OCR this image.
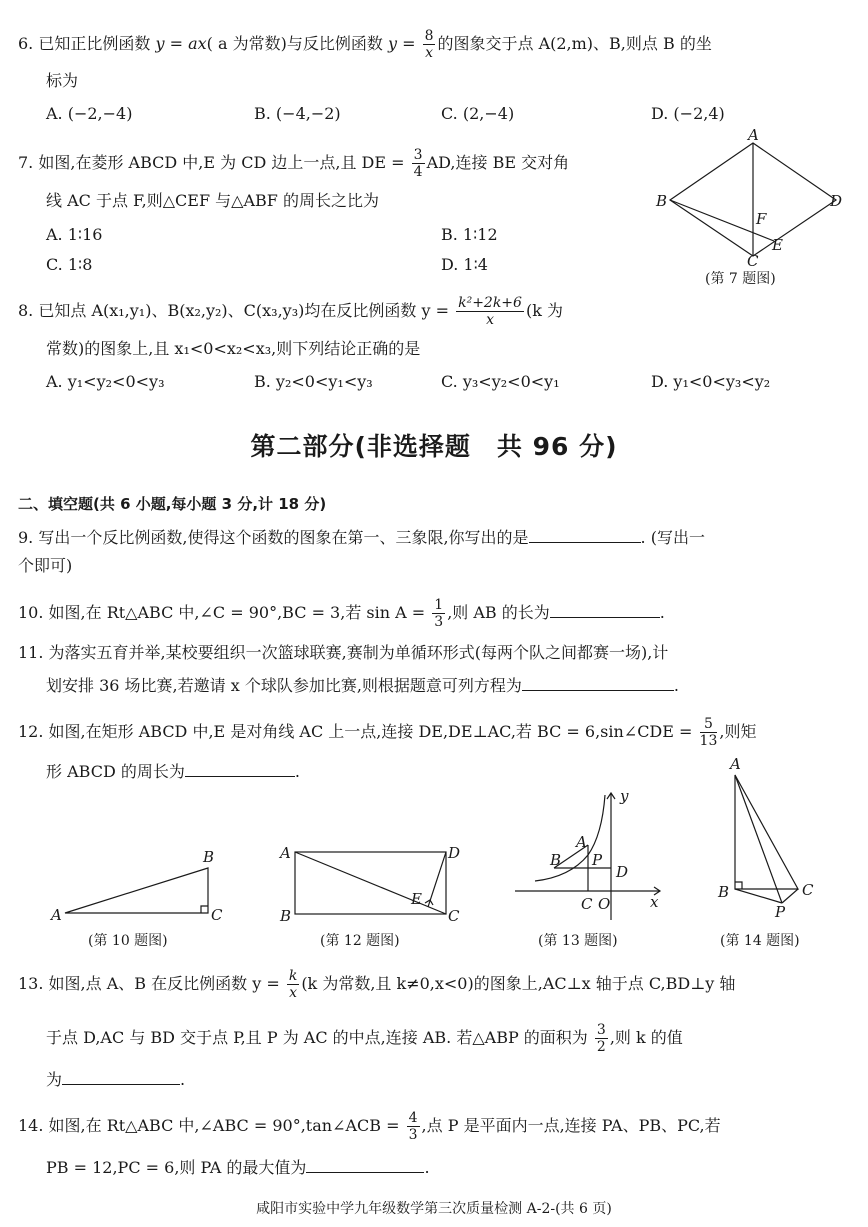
6. 已知正比例函数 y = ax( a 为常数)与反比例函数 $y = \frac{8}{x}$ 的图象交于点 A(2,m)、B,则点 B 的坐
标为
A. (−2,−4)	B. (−4,−2)	C. (2,−4)	D. (−2,4)
7. 如图,在菱形 ABCD 中,E 为 CD 边上一点,且 DE = $\frac{3}{4}$ AD,连接 BE 交对角
线 AC 于点 F,则△CEF 与△ABF 的周长之比为
A. 1∶16	B. 1∶12
C. 1∶8	D. 1∶4
A
B
C
D
E
F
(第 7 题图)
8. 已知点 A(x₁,y₁)、B(x₂,y₂)、C(x₃,y₃)均在反比例函数 $y = \frac{\text{k²+2k+6}}{x} (k$ 为
常数)的图象上,且 x₁<0<x₂<x₃,则下列结论正确的是
A. y₁<y₂<0<y₃	B. y₂<0<y₁<y₃	C. y₃<y₂<0<y₁	D. y₁<0<y₃<y₂
第二部分(非选择题　共 96 分)
二、填空题(共 6 小题,每小题 3 分,计 18 分)
9. 写出一个反比例函数,使得这个函数的图象在第一、三象限,你写出的是	. (写出一
个即可)
10. 如图,在 Rt△ABC 中,∠C = 90°,BC = 3,若 $\sin A = \frac{1}{3}$ ,则 AB 的长为	.
11. 为落实五育并举,某校要组织一次篮球联赛,赛制为单循环形式(每两个队之间都赛一场),计
划安排 36 场比赛,若邀请 x 个球队参加比赛,则根据题意可列方程为	.
12. 如图,在矩形 ABCD 中,E 是对角线 AC 上一点,连接 DE,DE⊥AC,若 BC = 6,sin∠CDE = $\frac{5}{13}$ ,则矩
形 ABCD 的周长为	.
A
B
C
(第 10 题图)
A
B	C
D
E
(第 12 题图)
y
x
A
B P
D
C O
(第 13 题图)
A
B	C
P
(第 14 题图)
13. 如图,点 A、B 在反比例函数 $y = \frac{k}{x} (k$ 为常数,且 k≠0,x<0)的图象上,AC⊥x 轴于点 C,BD⊥y 轴
于点 D,AC 与 BD 交于点 P,且 P 为 AC 的中点,连接 AB. 若△ABP 的面积为 $\frac{3}{2}$ ,则 k 的值
为	.
14. 如图,在 Rt△ABC 中,∠ABC = 90°,tan∠ACB = $\frac{4}{3}$ ,点 P 是平面内一点,连接 PA、PB、PC,若
PB = 12,PC = 6,则 PA 的最大值为	.
咸阳市实验中学九年级数学第三次质量检测 A-2-(共 6 页)
